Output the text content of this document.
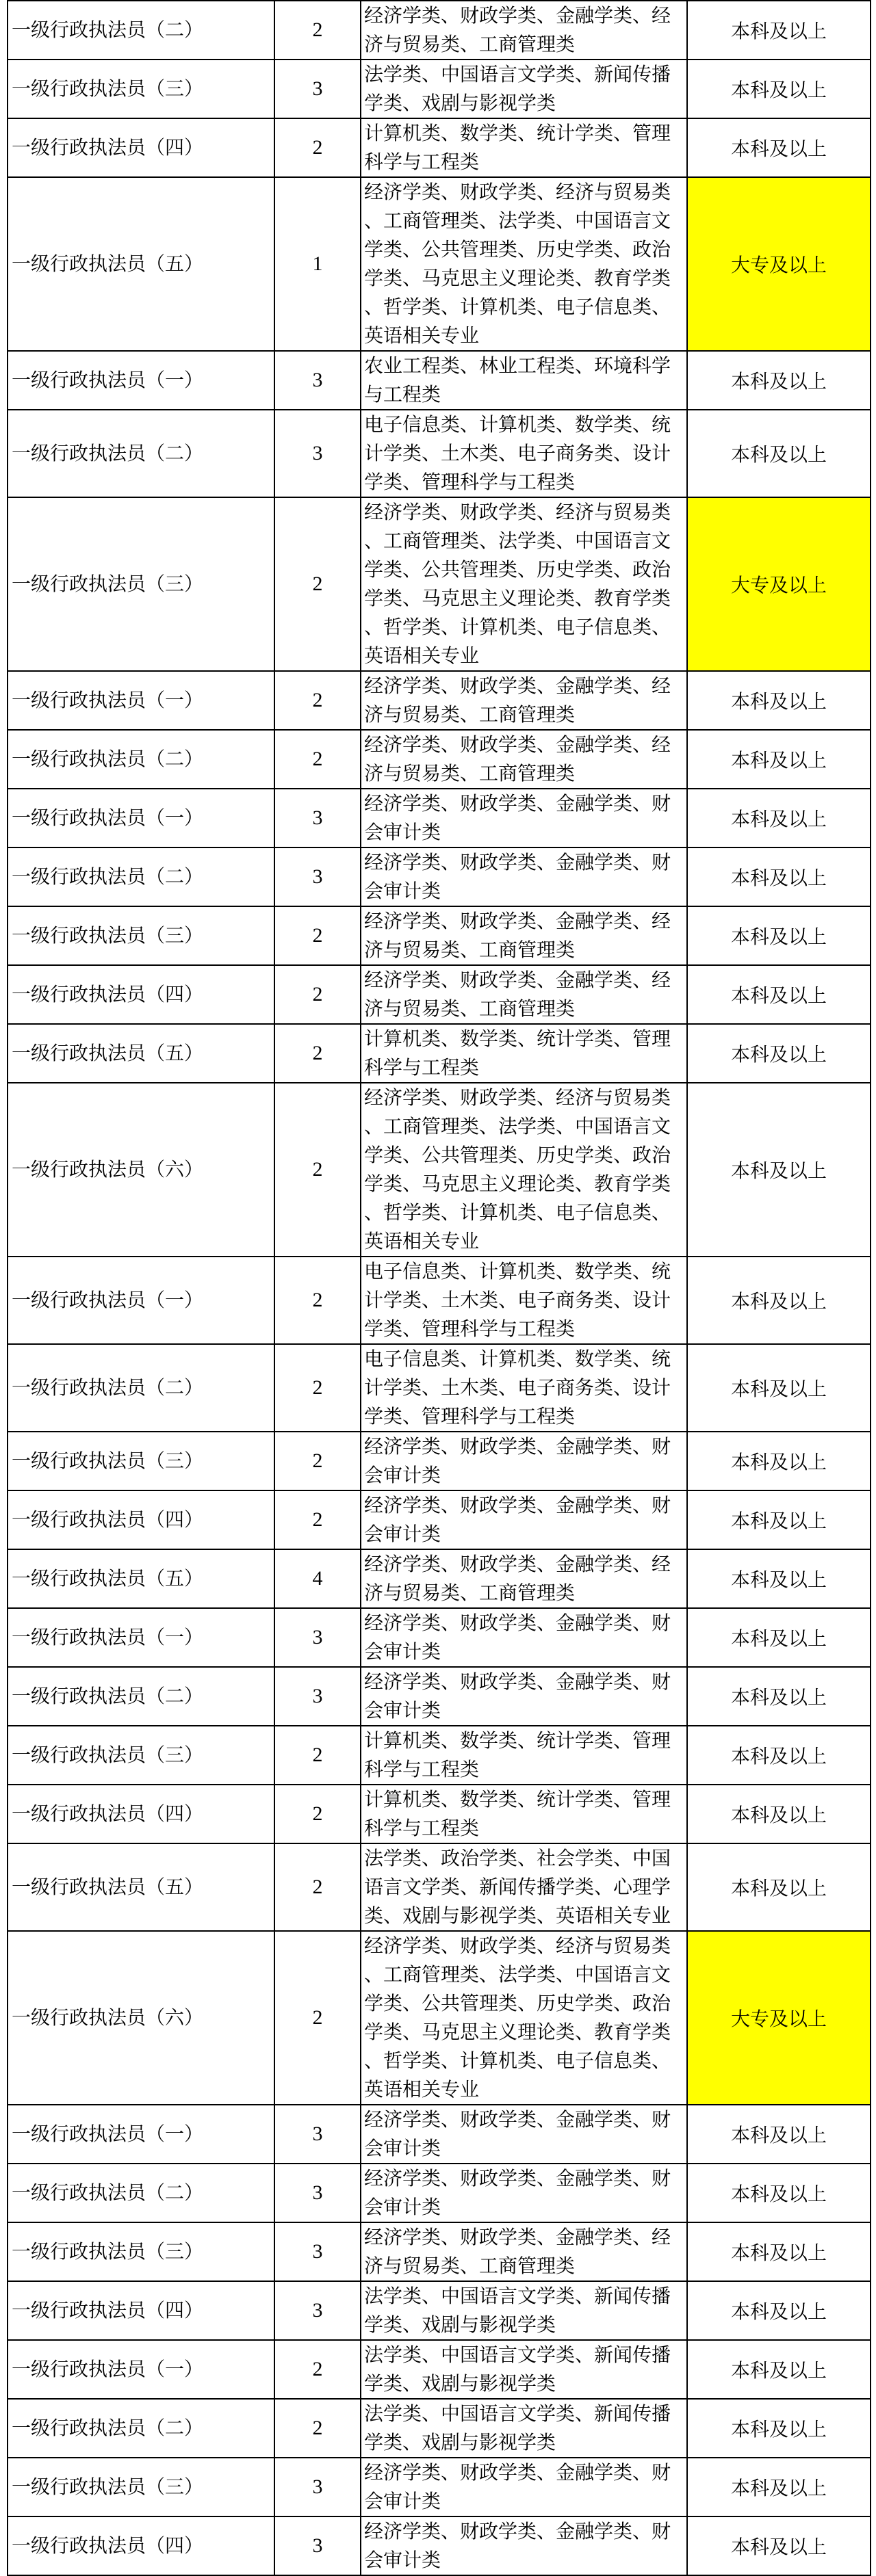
一级行政执法员（二）	2	经济学类、财政学类、金融学类、经济与贸易类、工商管理类	本科及以上
一级行政执法员（三）	3	法学类、中国语言文学类、新闻传播学类、戏剧与影视学类	本科及以上
一级行政执法员（四）	2	计算机类、数学类、统计学类、管理科学与工程类	本科及以上
一级行政执法员（五）	1	经济学类、财政学类、经济与贸易类、工商管理类、法学类、中国语言文学类、公共管理类、历史学类、政治学类、马克思主义理论类、教育学类、哲学类、计算机类、电子信息类、英语相关专业	大专及以上
一级行政执法员（一）	3	农业工程类、林业工程类、环境科学与工程类	本科及以上
一级行政执法员（二）	3	电子信息类、计算机类、数学类、统计学类、土木类、电子商务类、设计学类、管理科学与工程类	本科及以上
一级行政执法员（三）	2	经济学类、财政学类、经济与贸易类、工商管理类、法学类、中国语言文学类、公共管理类、历史学类、政治学类、马克思主义理论类、教育学类、哲学类、计算机类、电子信息类、英语相关专业	大专及以上
一级行政执法员（一）	2	经济学类、财政学类、金融学类、经济与贸易类、工商管理类	本科及以上
一级行政执法员（二）	2	经济学类、财政学类、金融学类、经济与贸易类、工商管理类	本科及以上
一级行政执法员（一）	3	经济学类、财政学类、金融学类、财会审计类	本科及以上
一级行政执法员（二）	3	经济学类、财政学类、金融学类、财会审计类	本科及以上
一级行政执法员（三）	2	经济学类、财政学类、金融学类、经济与贸易类、工商管理类	本科及以上
一级行政执法员（四）	2	经济学类、财政学类、金融学类、经济与贸易类、工商管理类	本科及以上
一级行政执法员（五）	2	计算机类、数学类、统计学类、管理科学与工程类	本科及以上
一级行政执法员（六）	2	经济学类、财政学类、经济与贸易类、工商管理类、法学类、中国语言文学类、公共管理类、历史学类、政治学类、马克思主义理论类、教育学类、哲学类、计算机类、电子信息类、英语相关专业	本科及以上
一级行政执法员（一）	2	电子信息类、计算机类、数学类、统计学类、土木类、电子商务类、设计学类、管理科学与工程类	本科及以上
一级行政执法员（二）	2	电子信息类、计算机类、数学类、统计学类、土木类、电子商务类、设计学类、管理科学与工程类	本科及以上
一级行政执法员（三）	2	经济学类、财政学类、金融学类、财会审计类	本科及以上
一级行政执法员（四）	2	经济学类、财政学类、金融学类、财会审计类	本科及以上
一级行政执法员（五）	4	经济学类、财政学类、金融学类、经济与贸易类、工商管理类	本科及以上
一级行政执法员（一）	3	经济学类、财政学类、金融学类、财会审计类	本科及以上
一级行政执法员（二）	3	经济学类、财政学类、金融学类、财会审计类	本科及以上
一级行政执法员（三）	2	计算机类、数学类、统计学类、管理科学与工程类	本科及以上
一级行政执法员（四）	2	计算机类、数学类、统计学类、管理科学与工程类	本科及以上
一级行政执法员（五）	2	法学类、政治学类、社会学类、中国语言文学类、新闻传播学类、心理学类、戏剧与影视学类、英语相关专业	本科及以上
一级行政执法员（六）	2	经济学类、财政学类、经济与贸易类、工商管理类、法学类、中国语言文学类、公共管理类、历史学类、政治学类、马克思主义理论类、教育学类、哲学类、计算机类、电子信息类、英语相关专业	大专及以上
一级行政执法员（一）	3	经济学类、财政学类、金融学类、财会审计类	本科及以上
一级行政执法员（二）	3	经济学类、财政学类、金融学类、财会审计类	本科及以上
一级行政执法员（三）	3	经济学类、财政学类、金融学类、经济与贸易类、工商管理类	本科及以上
一级行政执法员（四）	3	法学类、中国语言文学类、新闻传播学类、戏剧与影视学类	本科及以上
一级行政执法员（一）	2	法学类、中国语言文学类、新闻传播学类、戏剧与影视学类	本科及以上
一级行政执法员（二）	2	法学类、中国语言文学类、新闻传播学类、戏剧与影视学类	本科及以上
一级行政执法员（三）	3	经济学类、财政学类、金融学类、财会审计类	本科及以上
一级行政执法员（四）	3	经济学类、财政学类、金融学类、财会审计类	本科及以上
